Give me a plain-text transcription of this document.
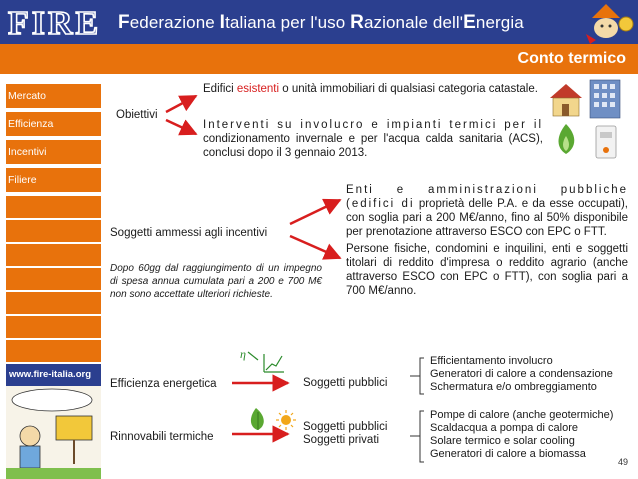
FIRE Federazione Italiana per l'uso Razionale dell'Energia
Conto termico
Mercato
Efficienza
Incentivi
Filiere
www.fire-italia.org
η
Obiettivi
Edifici esistenti o unità immobiliari di qualsiasi categoria catastale.
Interventi su involucro e impianti termici per il condizionamento invernale e per l'acqua calda sanitaria (ACS), conclusi dopo il 3 gennaio 2013.
Soggetti ammessi agli incentivi
Enti e amministrazioni pubbliche (edifici di proprietà delle P.A. e da esse occupati), con soglia pari a 200 M€/anno, fino al 50% disponibile per prenotazione attraverso ESCO con EPC o FTT.
Persone fisiche, condomini e inquilini, enti e soggetti titolari di reddito d'impresa o reddito agrario (anche attraverso ESCO con EPC o FTT), con soglia pari a 700 M€/anno.
Dopo 60gg dal raggiungimento di un impegno di spesa annua cumulata pari a 200 e 700 M€ non sono accettate ulteriori richieste.
Efficienza energetica	Soggetti pubblici
Efficientamento involucro
Generatori di calore a condensazione
Schermatura e/o ombreggiamento
Rinnovabili termiche
Soggetti pubblici
Soggetti privati
Pompe di calore (anche geotermiche)
Scaldacqua a pompa di calore
Solare termico e solar cooling
Generatori di calore a biomassa
49
